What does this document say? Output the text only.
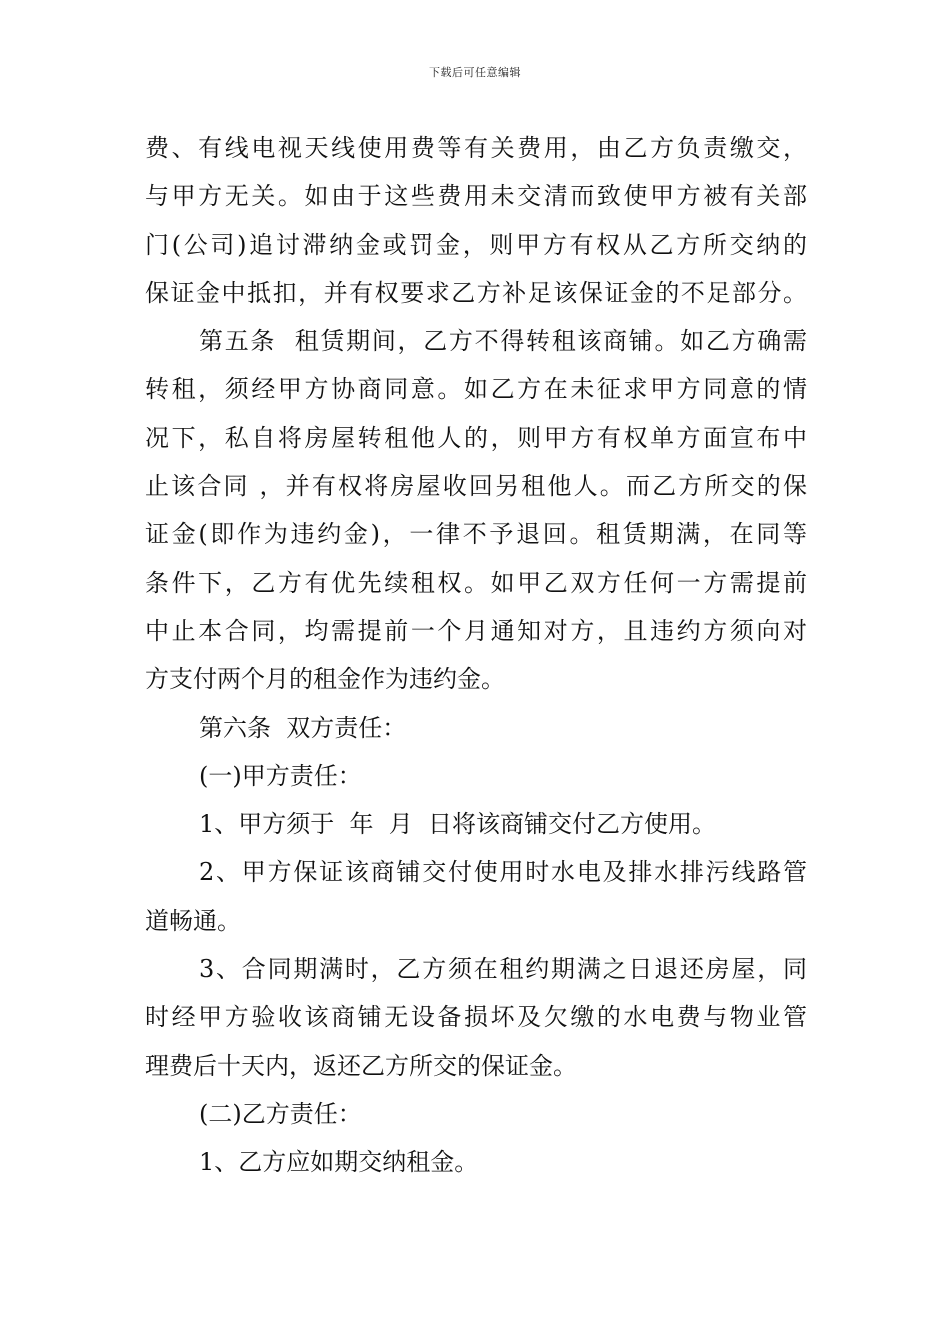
下载后可任意编辑
费、有线电视天线使用费等有关费用，由乙方负责缴交，
与甲方无关。如由于这些费用未交清而致使甲方被有关部
门(公司)追讨滞纳金或罚金，则甲方有权从乙方所交纳的
保证金中抵扣，并有权要求乙方补足该保证金的不足部分。
第五条  租赁期间，乙方不得转租该商铺。如乙方确需
转租，须经甲方协商同意。如乙方在未征求甲方同意的情
况下，私自将房屋转租他人的，则甲方有权单方面宣布中
止该合同 ，并有权将房屋收回另租他人。而乙方所交的保
证金(即作为违约金)，一律不予退回。租赁期满，在同等
条件下，乙方有优先续租权。如甲乙双方任何一方需提前
中止本合同，均需提前一个月通知对方，且违约方须向对
方支付两个月的租金作为违约金。
第六条  双方责任：
(一)甲方责任：
1、甲方须于  年  月  日将该商铺交付乙方使用。
2、甲方保证该商铺交付使用时水电及排水排污线路管
道畅通。
3、合同期满时，乙方须在租约期满之日退还房屋，同
时经甲方验收该商铺无设备损坏及欠缴的水电费与物业管
理费后十天内，返还乙方所交的保证金。
(二)乙方责任：
1、乙方应如期交纳租金。
